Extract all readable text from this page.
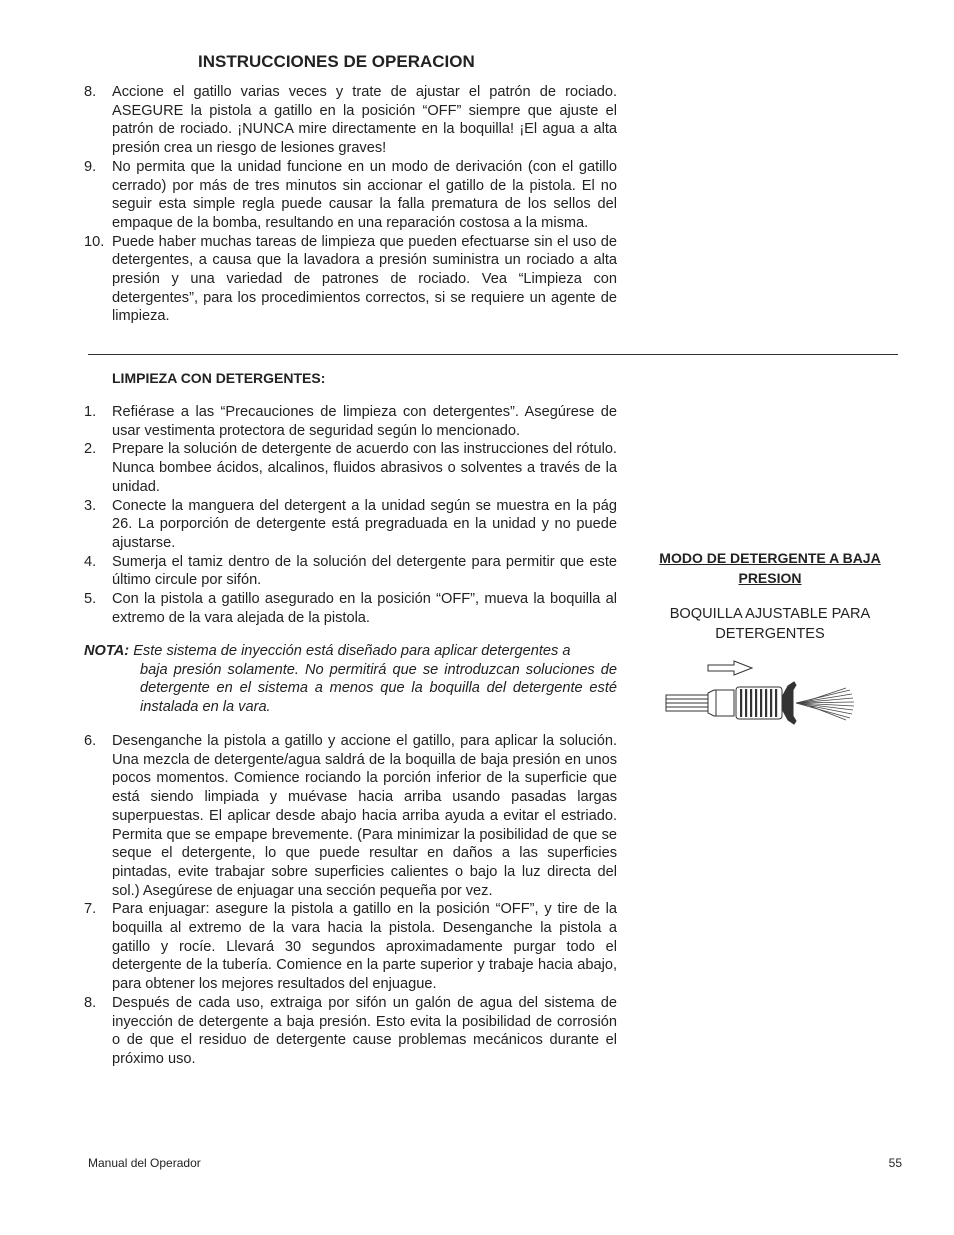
INSTRUCCIONES DE OPERACION
8. Accione el gatillo varias veces y trate de ajustar el patrón de rociado. ASEGURE la pistola a gatillo en la posición “OFF” siempre que ajuste el patrón de rociado. ¡NUNCA mire directamente en la boquilla! ¡El agua a alta presión crea un riesgo de lesiones graves!
9. No permita que la unidad funcione en un modo de derivación (con el gatillo cerrado) por más de tres minutos sin accionar el gatillo de la pistola. El no seguir esta simple regla puede causar la falla prematura de los sellos del empaque de la bomba, resultando en una reparación costosa a la misma.
10. Puede haber muchas tareas de limpieza que pueden efectuarse sin el uso de detergentes, a causa que la lavadora a presión suministra un rociado a alta presión y una variedad de patrones de rociado. Vea “Limpieza con detergentes”, para los procedimientos correctos, si se requiere un agente de limpieza.
LIMPIEZA CON DETERGENTES:
1. Refiérase a las “Precauciones de limpieza con detergentes”. Asegúrese de usar vestimenta protectora de seguridad según lo mencionado.
2. Prepare la solución de detergente de acuerdo con las instrucciones del rótulo. Nunca bombee ácidos, alcalinos, fluidos abrasivos o solventes a través de la unidad.
3. Conecte la manguera del detergent a la unidad según se muestra en la pág 26. La porporción de detergente está pregraduada en la unidad y no puede ajustarse.
4. Sumerja el tamiz dentro de la solución del detergente para permitir que este último circule por sifón.
5. Con la pistola a gatillo asegurado en la posición “OFF”, mueva la boquilla al extremo de la vara alejada de la pistola.

NOTA: Este sistema de inyección está diseñado para aplicar detergentes a
baja presión solamente. No permitirá que se introduzcan soluciones de detergente en el sistema a menos que la boquilla del detergente esté instalada en la vara.

6. Desenganche la pistola a gatillo y accione el gatillo, para aplicar la solución. Una mezcla de detergente/agua saldrá de la boquilla de baja presión en unos pocos momentos. Comience rociando la porción inferior de la superficie que está siendo limpiada y muévase hacia arriba usando pasadas largas superpuestas. El aplicar desde abajo hacia arriba ayuda a evitar el estriado. Permita que se empape brevemente. (Para minimizar la posibilidad de que se seque el detergente, lo que puede resultar en daños a las superficies pintadas, evite trabajar sobre superficies calientes o bajo la luz directa del sol.) Asegúrese de enjuagar una sección pequeña por vez.
7. Para enjuagar: asegure la pistola a gatillo en la posición “OFF”, y tire de la boquilla al extremo de la vara hacia la pistola. Desenganche la pistola a gatillo y rocíe. Llevará 30 segundos aproximadamente purgar todo el detergente de la tubería. Comience en la parte superior y trabaje hacia abajo, para obtener los mejores resultados del enjuague.
8. Después de cada uso, extraiga por sifón un galón de agua del sistema de inyección de detergente a baja presión. Esto evita la posibilidad de corrosión o de que el residuo de detergente cause problemas mecánicos durante el próximo uso.

MODO DE DETERGENTE A BAJA
PRESION

BOQUILLA AJUSTABLE PARA
DETERGENTES

Manual del Operador	55
